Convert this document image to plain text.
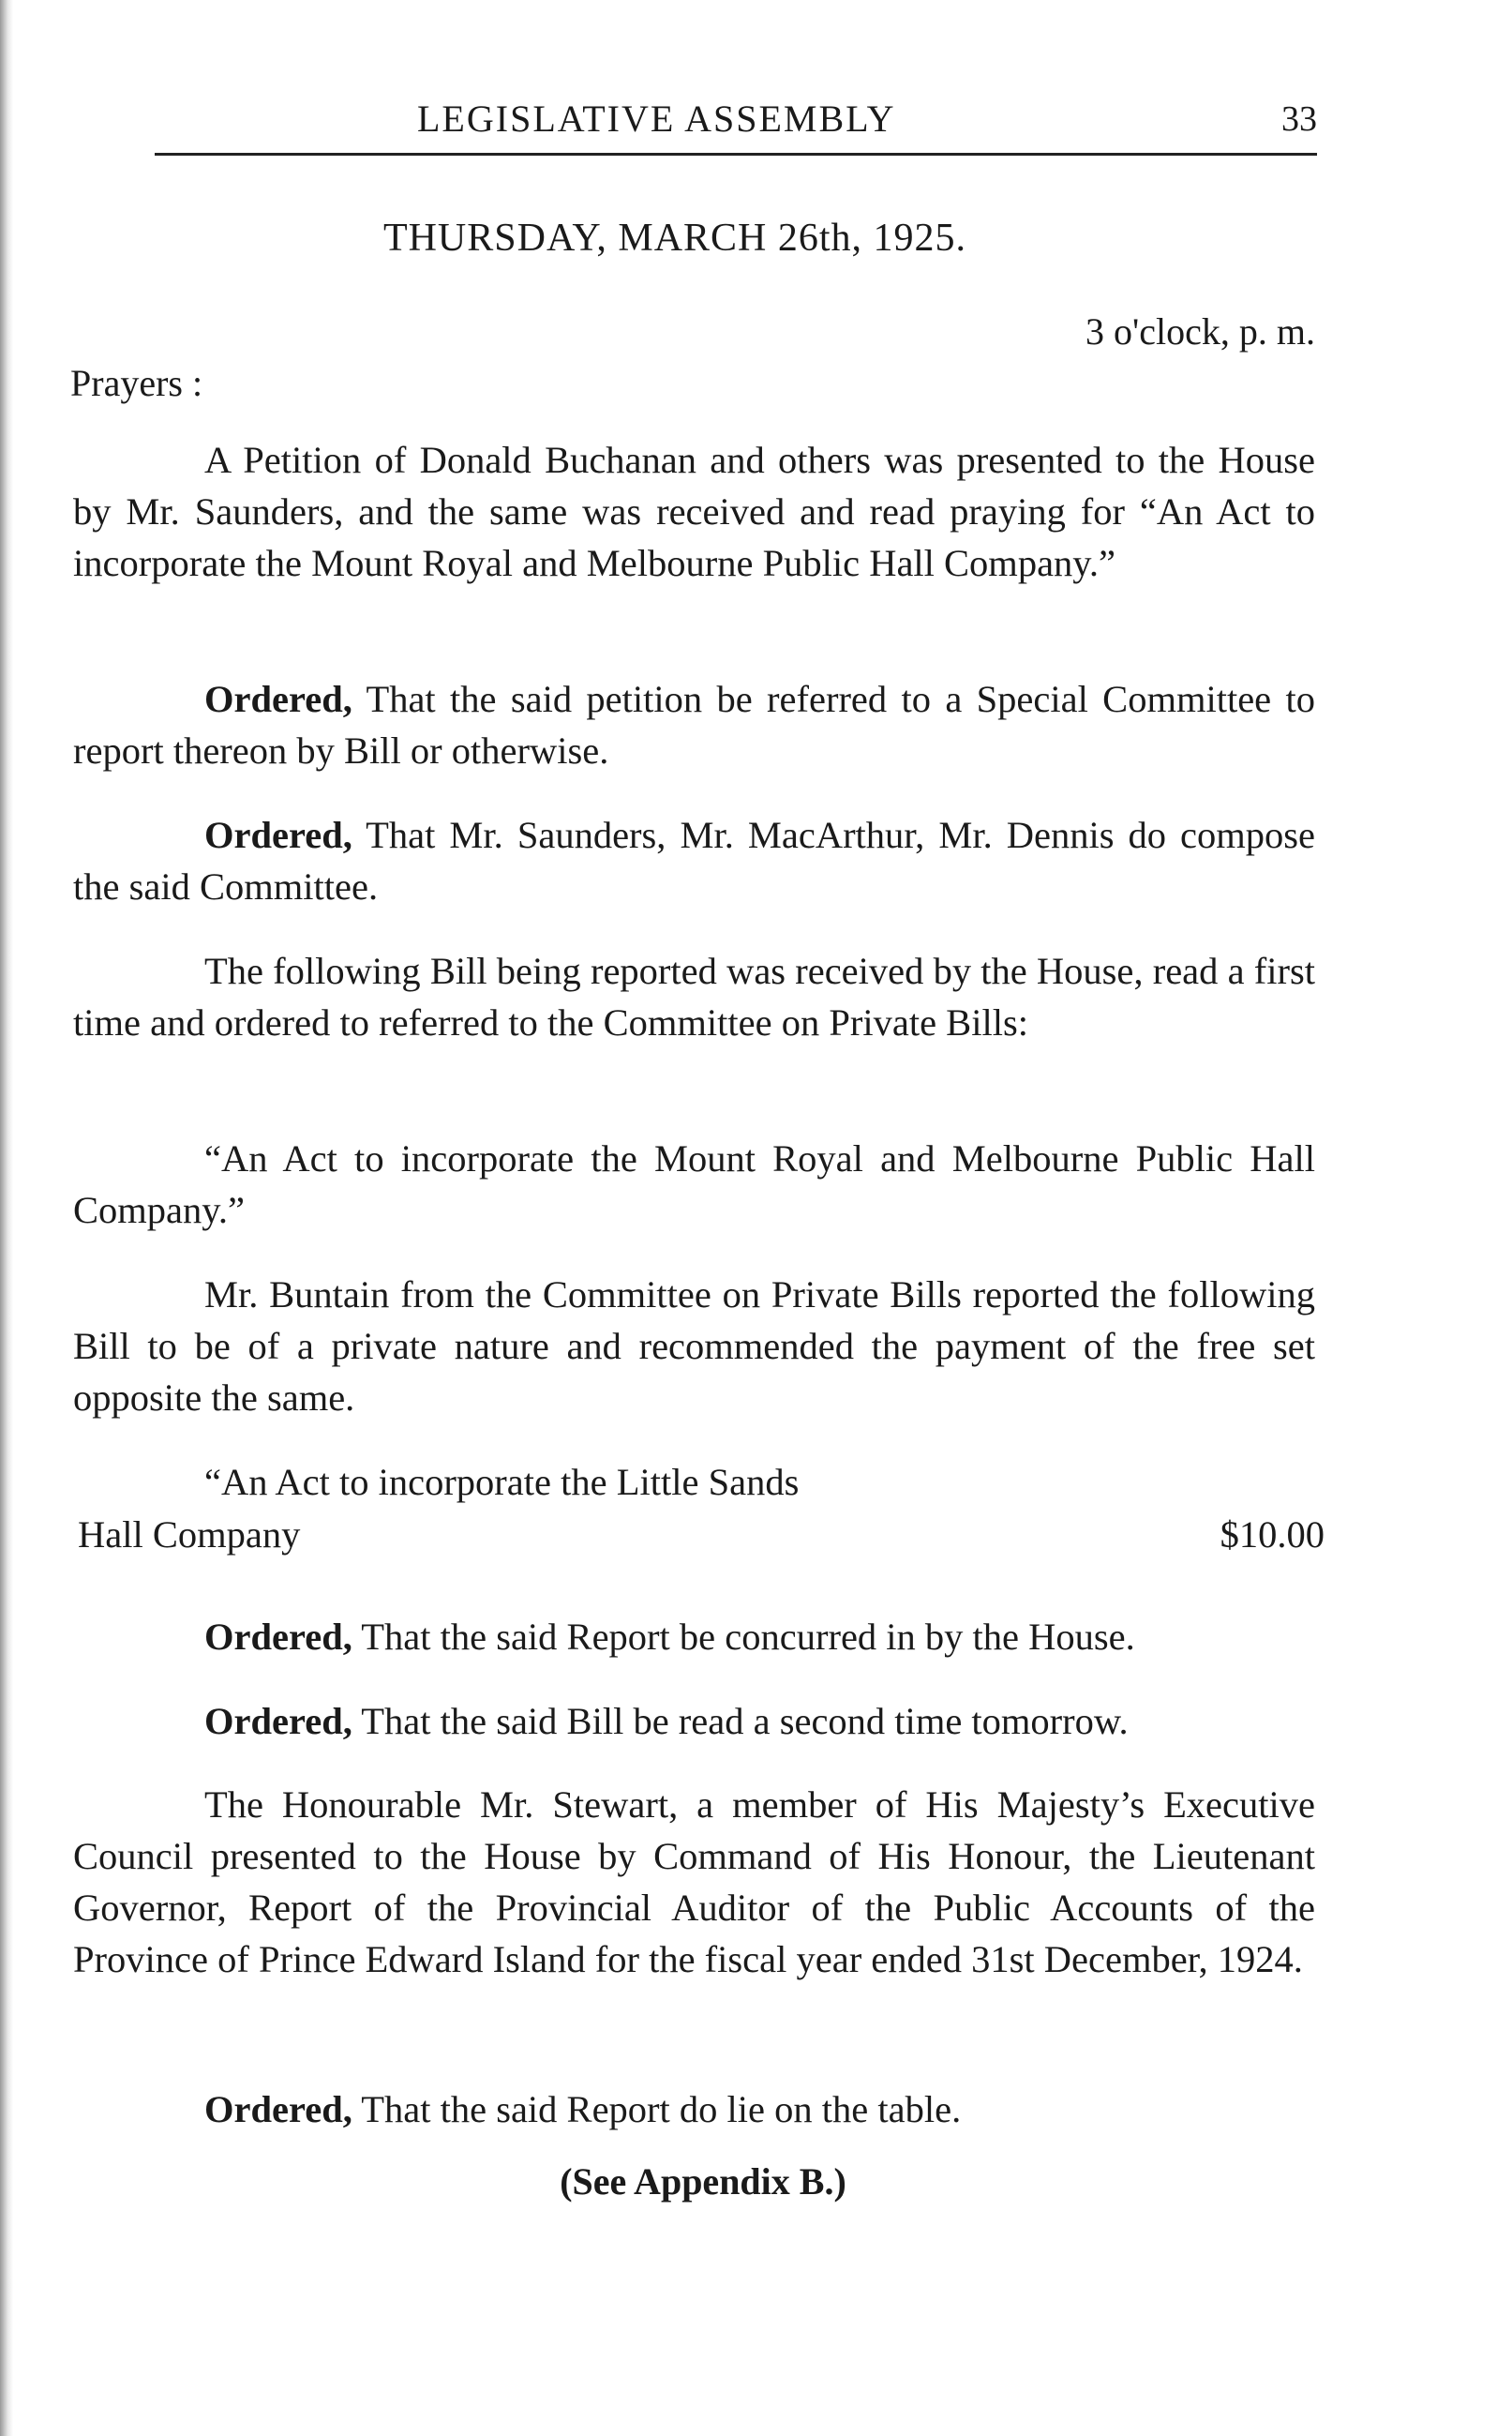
LEGISLATIVE ASSEMBLY	33
THURSDAY, MARCH 26th, 1925.
3 o'clock, p. m.
Prayers :

A Petition of Donald Buchanan and others was presented to the House by Mr. Saunders, and the same was received and read praying for “An Act to incorporate the Mount Royal and Melbourne Public Hall Company.”

Ordered, That the said petition be referred to a Special Committee to report thereon by Bill or otherwise.

Ordered, That Mr. Saunders, Mr. MacArthur, Mr. Dennis do compose the said Committee.

The following Bill being reported was received by the House, read a first time and ordered to referred to the Committee on Private Bills:

“An Act to incorporate the Mount Royal and Melbourne Public Hall Company.”

Mr. Buntain from the Committee on Private Bills reported the following Bill to be of a private nature and recommended the payment of the free set opposite the same.

“An Act to incorporate the Little Sands

Hall Company	$10.00

Ordered, That the said Report be concurred in by the House.

Ordered, That the said Bill be read a second time tomorrow.

The Honourable Mr. Stewart, a member of His Majesty’s Executive Council presented to the House by Command of His Honour, the Lieutenant Governor, Report of the Provincial Auditor of the Public Accounts of the Province of Prince Edward Island for the fiscal year ended 31st December, 1924.

Ordered, That the said Report do lie on the table.

(See Appendix B.)
